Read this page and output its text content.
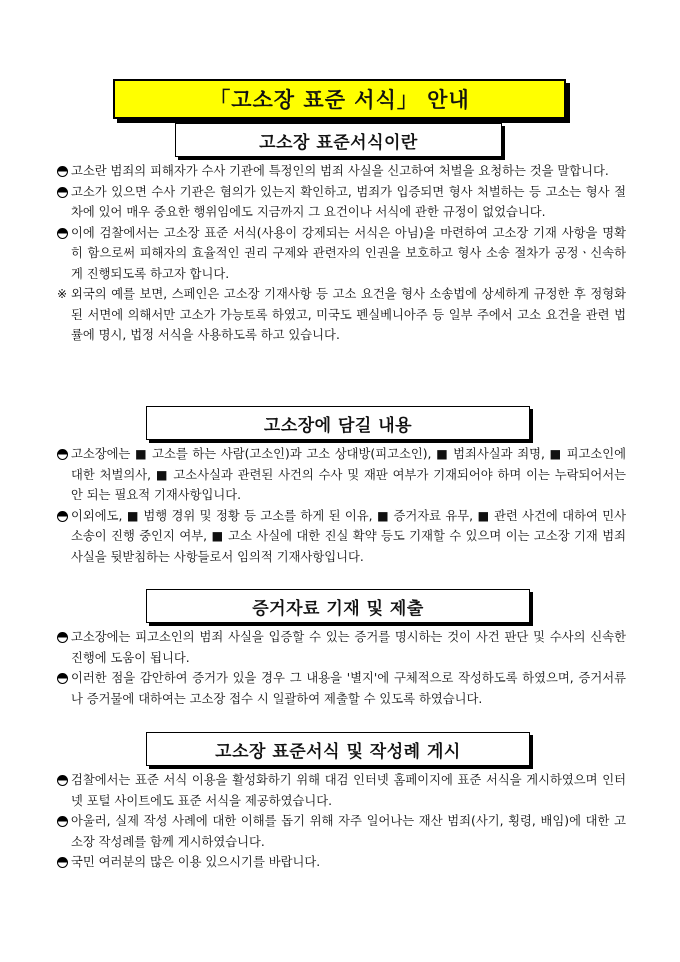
「고소장 표준 서식」 안내
고소장 표준서식이란
고소란 범죄의 피해자가 수사 기관에 특정인의 범죄 사실을 신고하여 처벌을 요청하는 것을 말합니다.
고소가 있으면 수사 기관은 혐의가 있는지 확인하고, 범죄가 입증되면 형사 처벌하는 등 고소는 형사 절차에 있어 매우 중요한 행위임에도 지금까지 그 요건이나 서식에 관한 규정이 없었습니다.
이에 검찰에서는 고소장 표준 서식(사용이 강제되는 서식은 아님)을 마련하여 고소장 기재 사항을 명확히 함으로써 피해자의 효율적인 권리 구제와 관련자의 인권을 보호하고 형사 소송 절차가 공정ㆍ신속하게 진행되도록 하고자 합니다.
※ 외국의 예를 보면, 스페인은 고소장 기재사항 등 고소 요건을 형사 소송법에 상세하게 규정한 후 정형화된 서면에 의해서만 고소가 가능토록 하였고, 미국도 펜실베니아주 등 일부 주에서 고소 요건을 관련 법률에 명시, 법정 서식을 사용하도록 하고 있습니다.
고소장에 담길 내용
고소장에는 ■ 고소를 하는 사람(고소인)과 고소 상대방(피고소인), ■ 범죄사실과 죄명, ■ 피고소인에 대한 처벌의사, ■ 고소사실과 관련된 사건의 수사 및 재판 여부가 기재되어야 하며 이는 누락되어서는 안 되는 필요적 기재사항입니다.
이외에도, ■ 범행 경위 및 정황 등 고소를 하게 된 이유, ■ 증거자료 유무, ■ 관련 사건에 대하여 민사소송이 진행 중인지 여부, ■ 고소 사실에 대한 진실 확약 등도 기재할 수 있으며 이는 고소장 기재 범죄 사실을 뒷받침하는 사항들로서 임의적 기재사항입니다.
증거자료 기재 및 제출
고소장에는 피고소인의 범죄 사실을 입증할 수 있는 증거를 명시하는 것이 사건 판단 및 수사의 신속한 진행에 도움이 됩니다.
이러한 점을 감안하여 증거가 있을 경우 그 내용을 '별지'에 구체적으로 작성하도록 하였으며, 증거서류나 증거물에 대하여는 고소장 접수 시 일괄하여 제출할 수 있도록 하였습니다.
고소장 표준서식 및 작성례 게시
검찰에서는 표준 서식 이용을 활성화하기 위해 대검 인터넷 홈페이지에 표준 서식을 게시하였으며 인터넷 포털 사이트에도 표준 서식을 제공하였습니다.
아울러, 실제 작성 사례에 대한 이해를 돕기 위해 자주 일어나는 재산 범죄(사기, 횡령, 배임)에 대한 고소장 작성례를 함께 게시하였습니다.
국민 여러분의 많은 이용 있으시기를 바랍니다.
